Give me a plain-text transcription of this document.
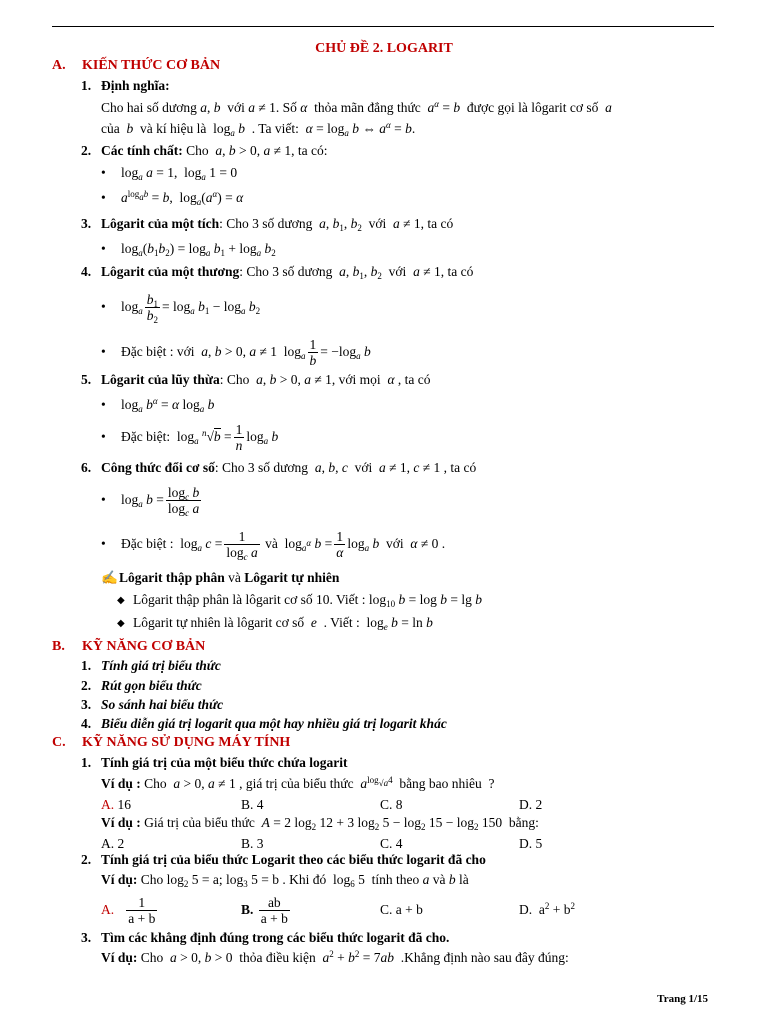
CHỦ ĐỀ 2. LOGARIT
A. KIẾN THỨC CƠ BẢN
1. Định nghĩa:
Cho hai số dương a, b  với a ≠ 1. Số α  thỏa mãn đẳng thức  $a^\alpha = b$  được gọi là lôgarit cơ số  a
của  b  và kí hiệu là  $\log_a b$  . Ta viết:  $\alpha = \log_a b$ ⇔ $a^\alpha = b$.
2. Các tính chất: Cho  a, b > 0, a ≠ 1, ta có:
• $\log_a a = 1$,  $\log_a 1 = 0$
• $a^{log_ab} = b$,  $\log_a(a^\alpha) = \alpha$
3. Lôgarit của một tích: Cho 3 số dương  a, $b_1$, $b_2$  với  a ≠ 1, ta có
• $\log_a(b_1b_2) = \log_a b_1 + \log_a b_2$
4. Lôgarit của một thương: Cho 3 số dương  a, $b_1$, $b_2$  với  a ≠ 1, ta có
• $\log_a \frac{b_1}{b_2} = \log_a b_1 - \log_a b_2$
• Đặc biệt : với  a, b > 0, a ≠ 1  $\log_a \frac{1}{b} = -\log_a$ b
5. Lôgarit của lũy thừa: Cho  a, b > 0, a ≠ 1, với mọi  α , ta có
• $\log_a b^\alpha = \alpha$ $\log_a b$
• Đặc biệt:  $\log_a ^n√b = \frac{1}{n} \log_a b$
6. Công thức đổi cơ số: Cho 3 số dương  a, b, c  với  a ≠ 1, c ≠ 1 , ta có
• $\log_a b = \frac{\log_c b}{\log_c a}$
• Đặc biệt :  $\log_a c = \frac{1}{\log_c a}$ và  $\log_{a^\alpha} b = \frac{1}{\alpha} \log_a b$  với  α ≠ 0 .
✍Lôgarit thập phân và Lôgarit tự nhiên
◆ Lôgarit thập phân là lôgarit cơ số 10. Viết : $\log_{10} b = \log b = \lg b$
◆ Lôgarit tự nhiên là lôgarit cơ số e  . Viết :  $\log_e b = \ln b$
B. KỸ NĂNG CƠ BẢN
1. Tính giá trị biểu thức
2. Rút gọn biểu thức
3. So sánh hai biểu thức
4. Biểu diễn giá trị logarit qua một hay nhiều giá trị logarit khác
C. KỸ NĂNG SỬ DỤNG MÁY TÍNH
1. Tính giá trị của một biểu thức chứa logarit
Ví dụ : Cho  a > 0, a ≠ 1 , giá trị của biểu thức  $a^{log_{√a}4}$  bằng bao nhiêu  ?
A. 16	B. 4	C. 8	D. 2
Ví dụ : Giá trị của biểu thức  A = 2 $\log_2 12 + 3$ $\log_2 5 - \log_2 15 - \log_2 150$  bằng:
A. 2	B. 3	C. 4	D. 5
2. Tính giá trị của biểu thức Logarit theo các biểu thức logarit đã cho
Ví dụ: Cho $\log_2 5 = a$; $\log_3 5 = b$ . Khi đó  $\log_6 5$  tính theo a và b là
A. $\frac{1}{a + b}$	B. $\frac{ab}{a + b}$	C. a + b	D.  $a^2 + b^2$
3. Tìm các khẳng định đúng trong các biểu thức logarit đã cho.
Ví dụ: Cho  a > 0, b > 0  thỏa điều kiện  $a^2 + b^2 = 7ab$  .Khẳng định nào sau đây đúng:
Trang 1/15
